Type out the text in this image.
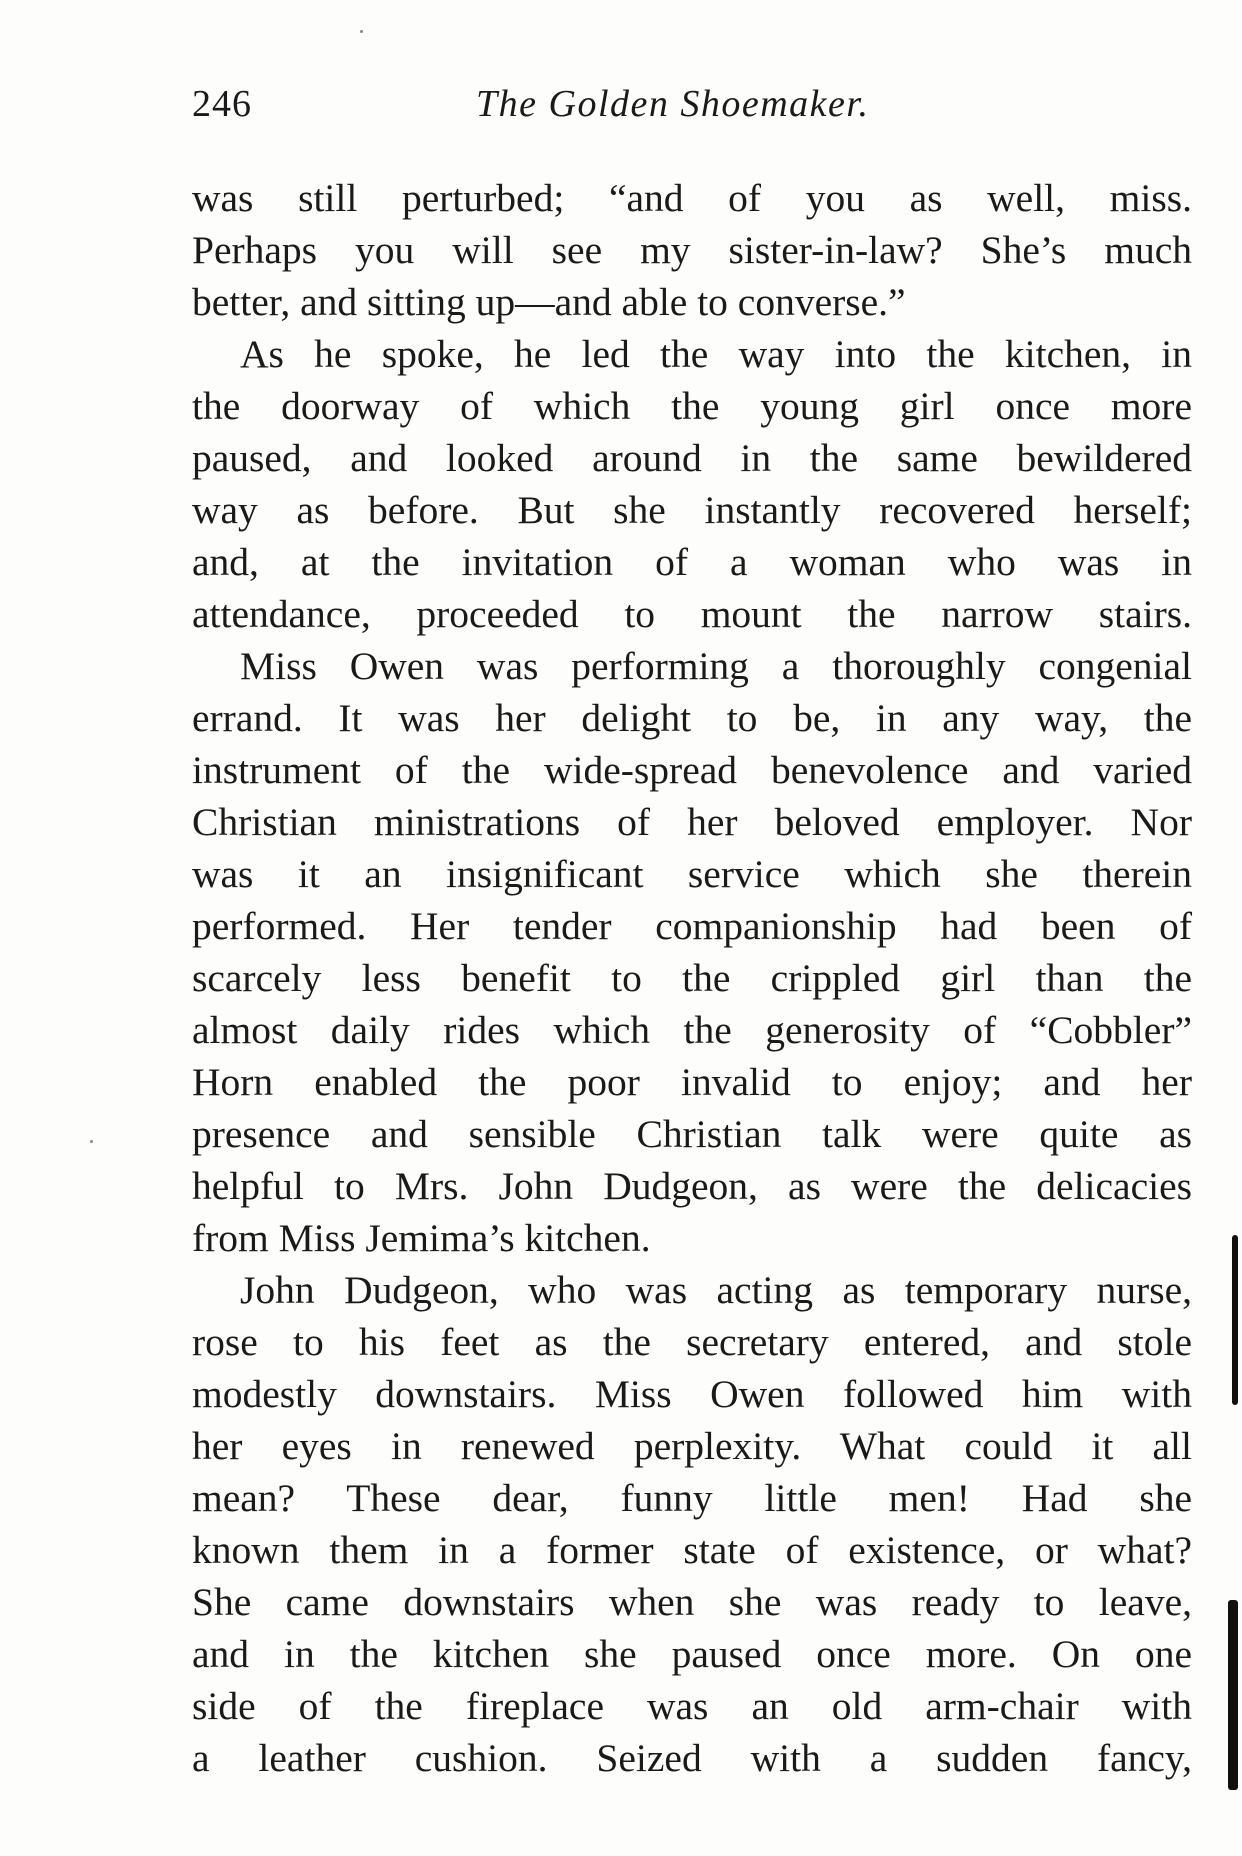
246	The Golden Shoemaker.
was still perturbed; “and of you as well, miss.
Perhaps you will see my sister-in-law? She’s much
better, and sitting up—and able to converse.”
As he spoke, he led the way into the kitchen, in
the doorway of which the young girl once more
paused, and looked around in the same bewildered
way as before. But she instantly recovered herself;
and, at the invitation of a woman who was in
attendance, proceeded to mount the narrow stairs.
Miss Owen was performing a thoroughly congenial
errand. It was her delight to be, in any way, the
instrument of the wide-spread benevolence and varied
Christian ministrations of her beloved employer. Nor
was it an insignificant service which she therein
performed. Her tender companionship had been of
scarcely less benefit to the crippled girl than the
almost daily rides which the generosity of “Cobbler”
Horn enabled the poor invalid to enjoy; and her
presence and sensible Christian talk were quite as
helpful to Mrs. John Dudgeon, as were the delicacies
from Miss Jemima’s kitchen.
John Dudgeon, who was acting as temporary nurse,
rose to his feet as the secretary entered, and stole
modestly downstairs. Miss Owen followed him with
her eyes in renewed perplexity. What could it all
mean? These dear, funny little men! Had she
known them in a former state of existence, or what?
She came downstairs when she was ready to leave,
and in the kitchen she paused once more. On one
side of the fireplace was an old arm-chair with
a leather cushion. Seized with a sudden fancy,
